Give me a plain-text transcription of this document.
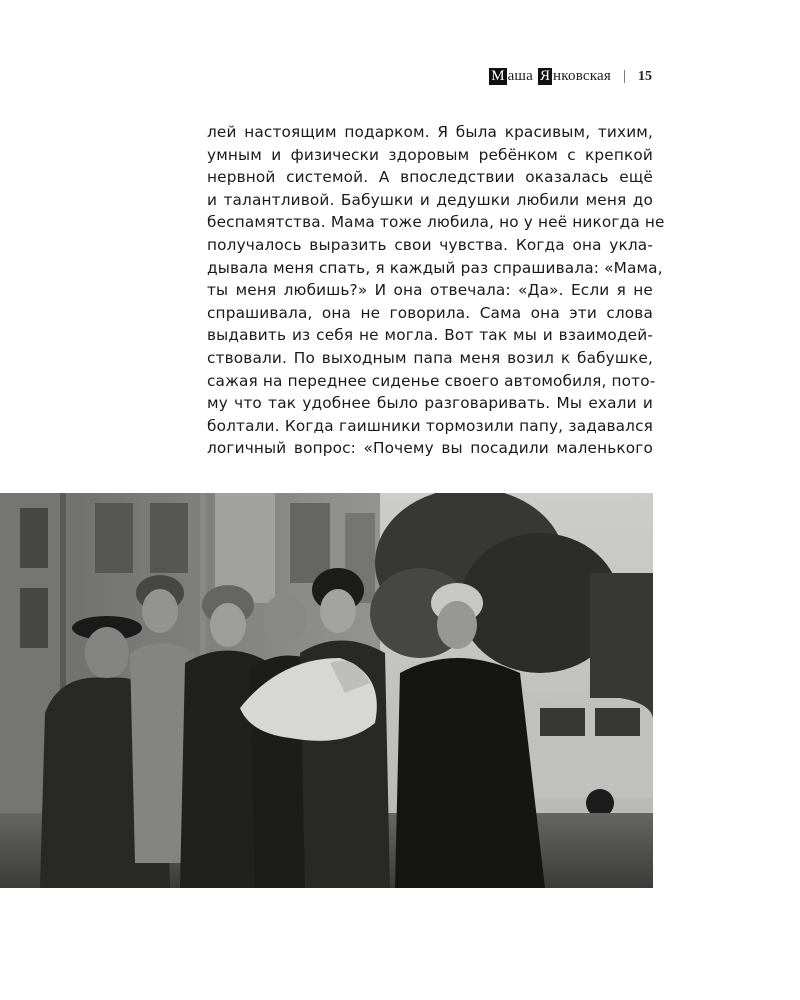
М аша Я нковская | 15
лей настоящим подарком. Я была красивым, тихим,
умным и физически здоровым ребёнком с крепкой
нервной системой. А впоследствии оказалась ещё
и талантливой. Бабушки и дедушки любили меня до
беспамятства. Мама тоже любила, но у неё никогда не
получалось выразить свои чувства. Когда она укла-
дывала меня спать, я каждый раз спрашивала: «Мама,
ты меня любишь?» И она отвечала: «Да». Если я не
спрашивала, она не говорила. Сама она эти слова
выдавить из себя не могла. Вот так мы и взаимодей-
ствовали. По выходным папа меня возил к бабушке,
сажая на переднее сиденье своего автомобиля, пото-
му что так удобнее было разговаривать. Мы ехали и
болтали. Когда гаишники тормозили папу, задавался
логичный вопрос: «Почему вы посадили маленького
